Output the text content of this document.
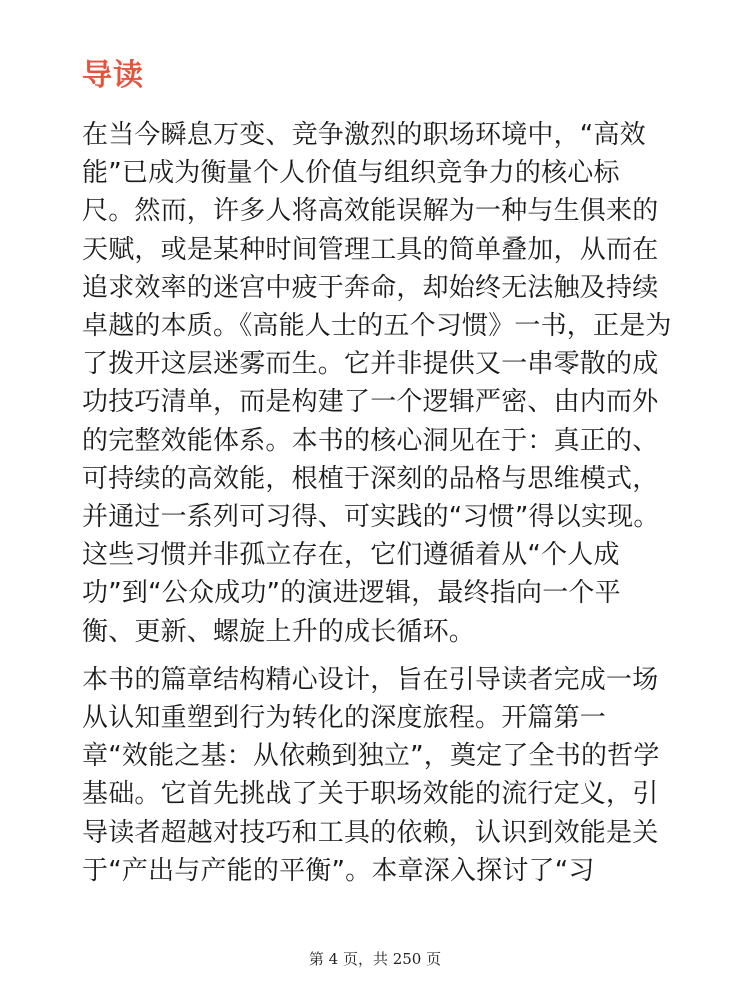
导读

在当今瞬息万变、竞争激烈的职场环境中，“高效能”已成为衡量个人价值与组织竞争力的核心标尺。然而，许多人将高效能误解为一种与生俱来的天赋，或是某种时间管理工具的简单叠加，从而在追求效率的迷宫中疲于奔命，却始终无法触及持续卓越的本质。《高能人士的五个习惯》一书，正是为了拨开这层迷雾而生。它并非提供又一串零散的成功技巧清单，而是构建了一个逻辑严密、由内而外的完整效能体系。本书的核心洞见在于：真正的、可持续的高效能，根植于深刻的品格与思维模式，并通过一系列可习得、可实践的“习惯”得以实现。这些习惯并非孤立存在，它们遵循着从“个人成功”到“公众成功”的演进逻辑，最终指向一个平衡、更新、螺旋上升的成长循环。

本书的篇章结构精心设计，旨在引导读者完成一场从认知重塑到行为转化的深度旅程。开篇第一章“效能之基：从依赖到独立”，奠定了全书的哲学基础。它首先挑战了关于职场效能的流行定义，引导读者超越对技巧和工具的依赖，认识到效能是关于“产出与产能的平衡”。本章深入探讨了“习

第 4 页，共 250 页
